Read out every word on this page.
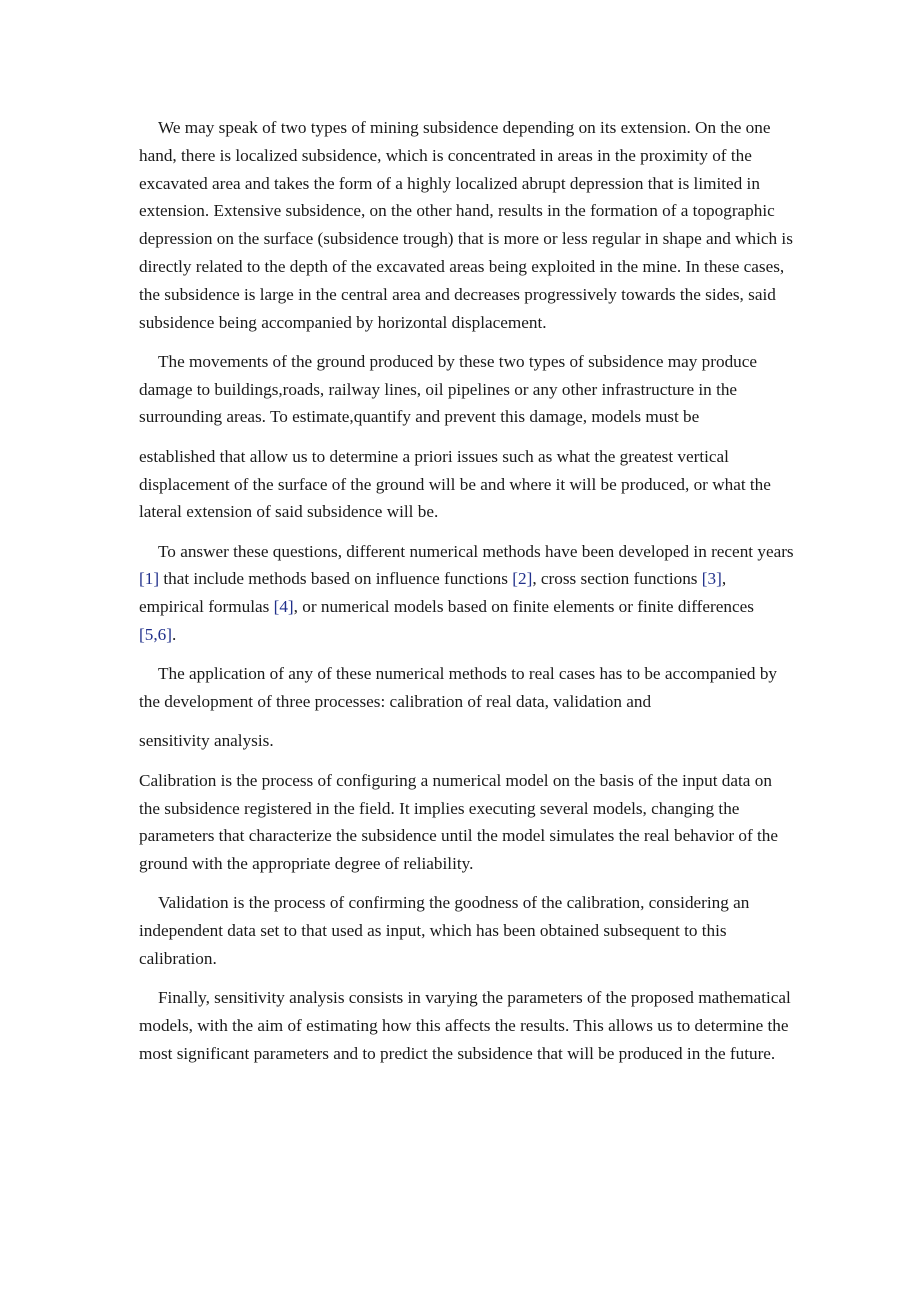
We may speak of two types of mining subsidence depending on its extension. On the one hand, there is localized subsidence, which is concentrated in areas in the proximity of the excavated area and takes the form of a highly localized abrupt depression that is limited in extension. Extensive subsidence, on the other hand, results in the formation of a topographic depression on the surface (subsidence trough) that is more or less regular in shape and which is directly related to the depth of the excavated areas being exploited in the mine. In these cases, the subsidence is large in the central area and decreases progressively towards the sides, said subsidence being accompanied by horizontal displacement.

The movements of the ground produced by these two types of subsidence may produce damage to buildings,roads, railway lines, oil pipelines or any other infrastructure in the surrounding areas. To estimate,quantify and prevent this damage, models must be

established that allow us to determine a priori issues such as what the greatest vertical displacement of the surface of the ground will be and where it will be produced, or what the lateral extension of said subsidence will be.

To answer these questions, different numerical methods have been developed in recent years [1] that include methods based on influence functions [2], cross section functions [3], empirical formulas [4], or numerical models based on finite elements or finite differences [5,6].

The application of any of these numerical methods to real cases has to be accompanied by the development of three processes: calibration of real data, validation and

sensitivity analysis.

Calibration is the process of configuring a numerical model on the basis of the input data on the subsidence registered in the field. It implies executing several models, changing the parameters that characterize the subsidence until the model simulates the real behavior of the ground with the appropriate degree of reliability.

Validation is the process of confirming the goodness of the calibration, considering an independent data set to that used as input, which has been obtained subsequent to this calibration.

Finally, sensitivity analysis consists in varying the parameters of the proposed mathematical models, with the aim of estimating how this affects the results. This allows us to determine the most significant parameters and to predict the subsidence that will be produced in the future.
